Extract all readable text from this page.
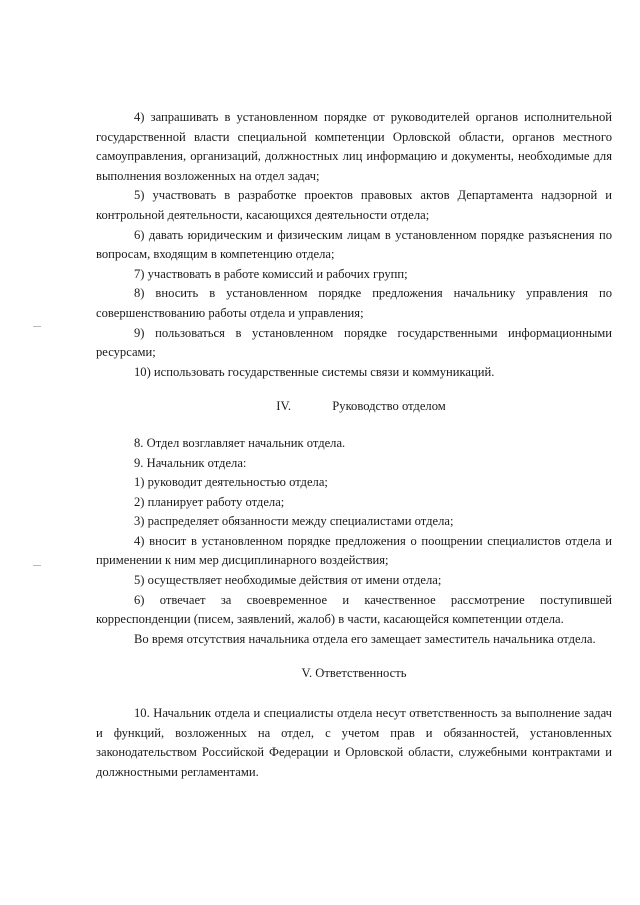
4) запрашивать в установленном порядке от руководителей органов исполнительной государственной власти специальной компетенции Орловской области, органов местного самоуправления, организаций, должностных лиц информацию и документы, необходимые для выполнения возложенных на отдел задач;

5) участвовать в разработке проектов правовых актов Департамента надзорной и контрольной деятельности, касающихся деятельности отдела;

6) давать юридическим и физическим лицам в установленном порядке разъяснения по вопросам, входящим в компетенцию отдела;

7) участвовать в работе комиссий и рабочих групп;

8) вносить в установленном порядке предложения начальнику управления по совершенствованию работы отдела и управления;

9) пользоваться в установленном порядке государственными информационными ресурсами;

10) использовать государственные системы связи и коммуникаций.

IV.	Руководство отделом

8. Отдел возглавляет начальник отдела.

9. Начальник отдела:

1) руководит деятельностью отдела;

2) планирует работу отдела;

3) распределяет обязанности между специалистами отдела;

4) вносит в установленном порядке предложения о поощрении специалистов отдела и применении к ним мер дисциплинарного воздействия;

5) осуществляет необходимые действия от имени отдела;

6) отвечает за своевременное и качественное рассмотрение поступившей корреспонденции (писем, заявлений, жалоб) в части, касающейся компетенции отдела.

Во время отсутствия начальника отдела его замещает заместитель начальника отдела.

V. Ответственность

10. Начальник отдела и специалисты отдела несут ответственность за выполнение задач и функций, возложенных на отдел, с учетом прав и обязанностей, установленных законодательством Российской Федерации и Орловской области, служебными контрактами и должностными регламентами.
